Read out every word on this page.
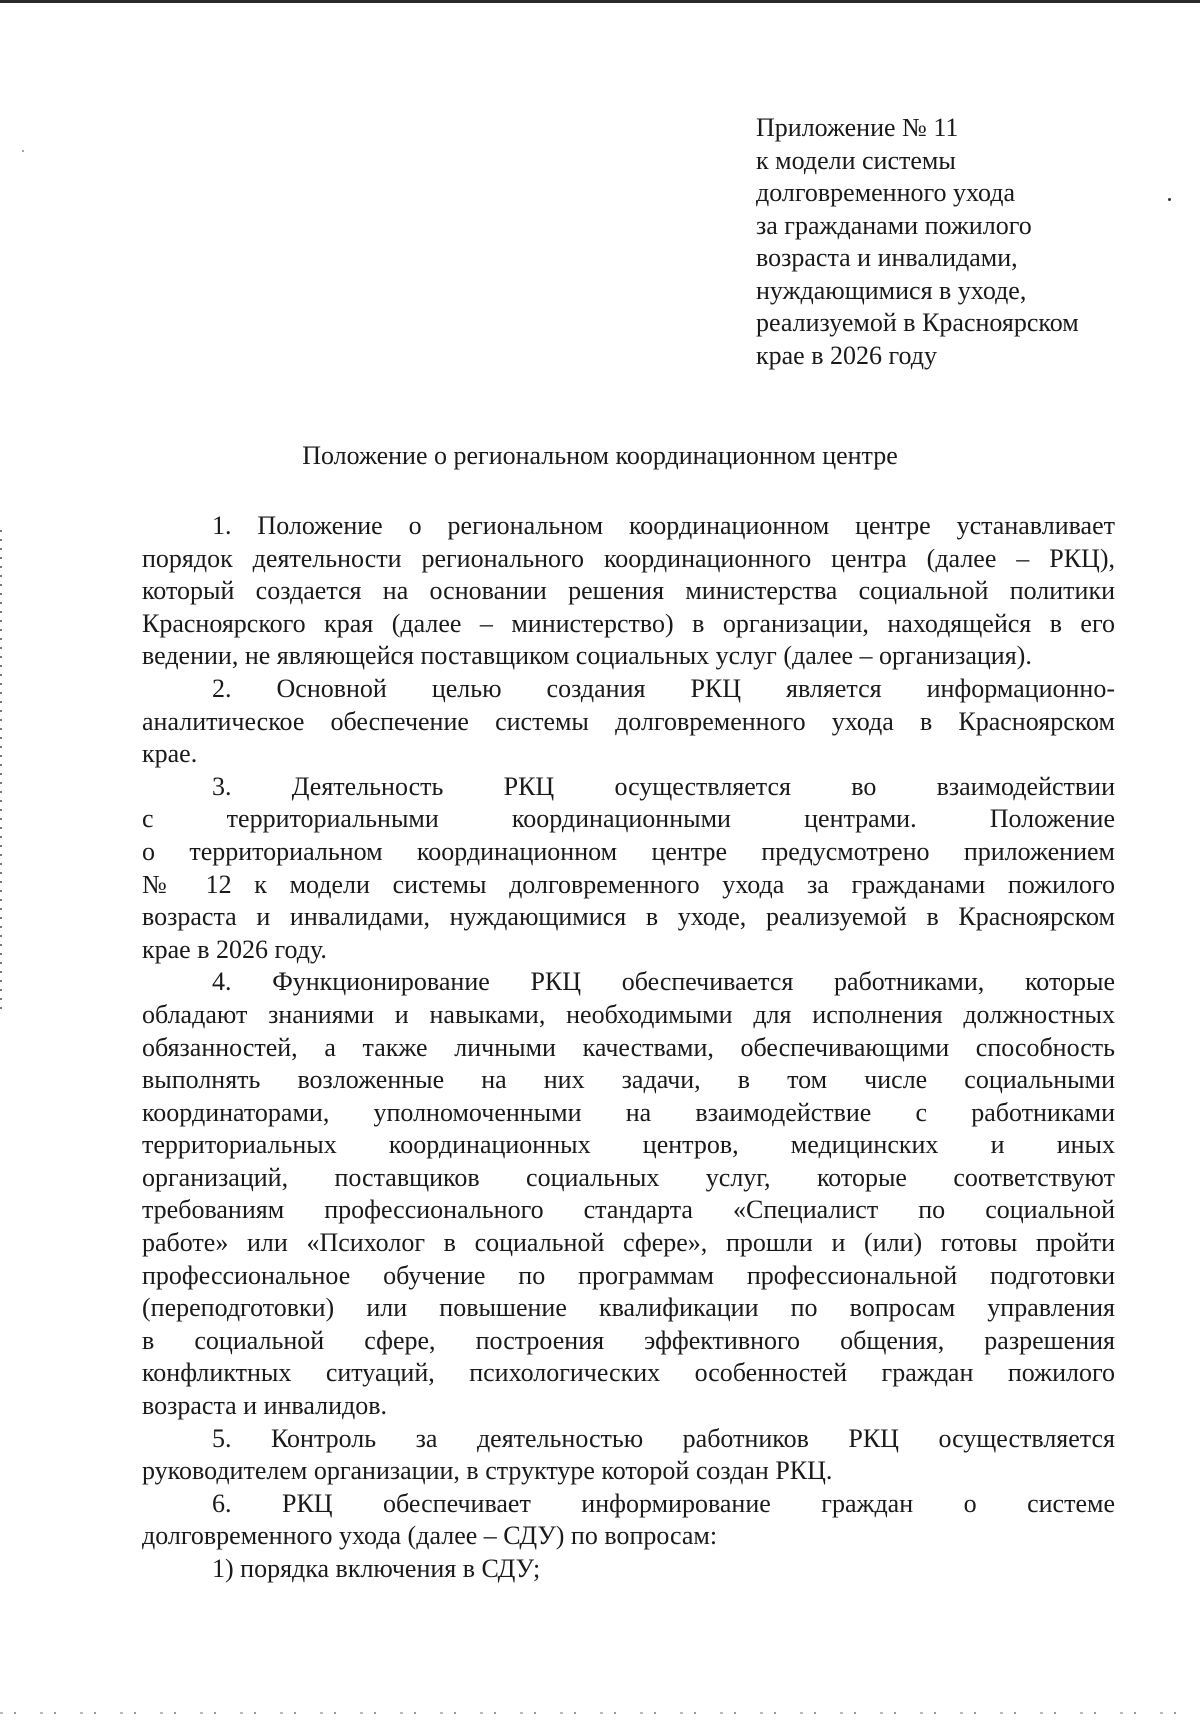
Приложение № 11
к модели системы
долговременного ухода
за гражданами пожилого
возраста и инвалидами,
нуждающимися в уходе,
реализуемой в Красноярском
крае в 2026 году
Положение о региональном координационном центре
1. Положение о региональном координационном центре устанавливает
порядок деятельности регионального координационного центра (далее – РКЦ),
который создается на основании решения министерства социальной политики
Красноярского края (далее – министерство) в организации, находящейся в его
ведении, не являющейся поставщиком социальных услуг (далее – организация).
2. Основной целью создания РКЦ является информационно-
аналитическое обеспечение системы долговременного ухода в Красноярском
крае.
3. Деятельность РКЦ осуществляется во взаимодействии
с территориальными координационными центрами. Положение
о территориальном координационном центре предусмотрено приложением
№ 12 к модели системы долговременного ухода за гражданами пожилого
возраста и инвалидами, нуждающимися в уходе, реализуемой в Красноярском
крае в 2026 году.
4. Функционирование РКЦ обеспечивается работниками, которые
обладают знаниями и навыками, необходимыми для исполнения должностных
обязанностей, а также личными качествами, обеспечивающими способность
выполнять возложенные на них задачи, в том числе социальными
координаторами, уполномоченными на взаимодействие с работниками
территориальных координационных центров, медицинских и иных
организаций, поставщиков социальных услуг, которые соответствуют
требованиям профессионального стандарта «Специалист по социальной
работе» или «Психолог в социальной сфере», прошли и (или) готовы пройти
профессиональное обучение по программам профессиональной подготовки
(переподготовки) или повышение квалификации по вопросам управления
в социальной сфере, построения эффективного общения, разрешения
конфликтных ситуаций, психологических особенностей граждан пожилого
возраста и инвалидов.
5. Контроль за деятельностью работников РКЦ осуществляется
руководителем организации, в структуре которой создан РКЦ.
6. РКЦ обеспечивает информирование граждан о системе
долговременного ухода (далее – СДУ) по вопросам:
1) порядка включения в СДУ;
